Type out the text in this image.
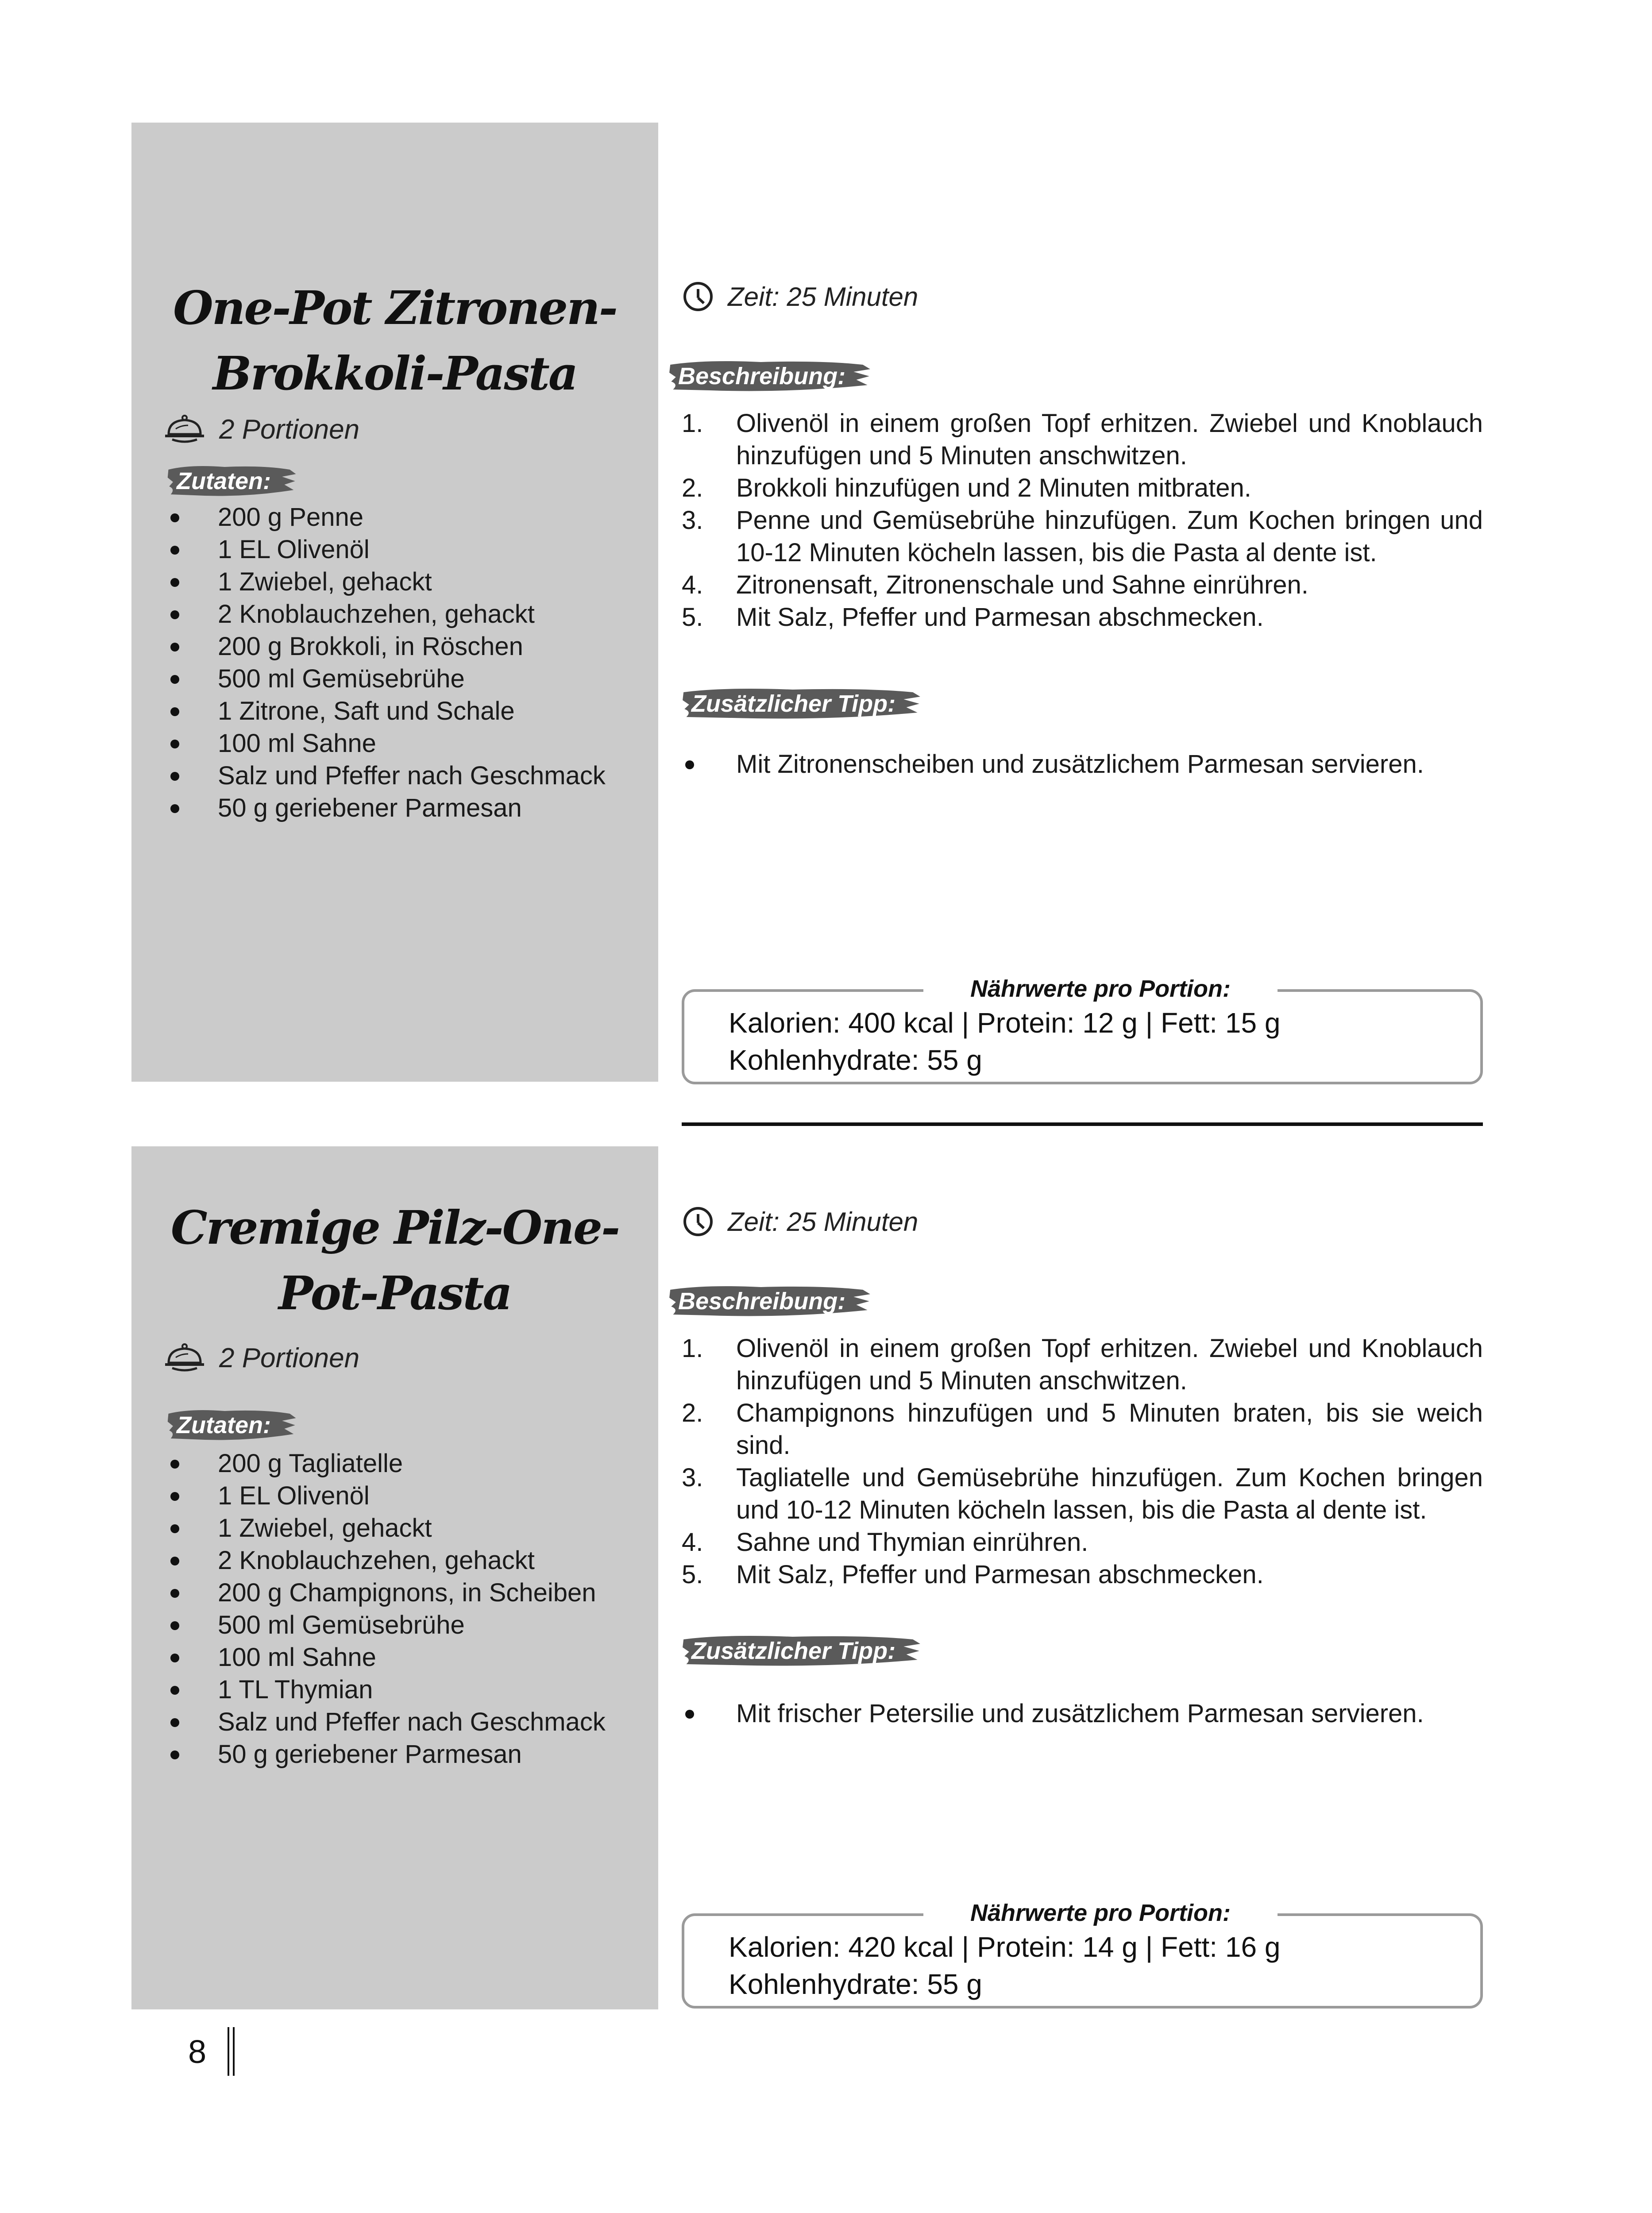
One-Pot Zitronen-
Brokkoli-Pasta
2 Portionen
Zutaten:
200 g Penne
1 EL Olivenöl
1 Zwiebel, gehackt
2 Knoblauchzehen, gehackt
200 g Brokkoli, in Röschen
500 ml Gemüsebrühe
1 Zitrone, Saft und Schale
100 ml Sahne
Salz und Pfeffer nach Geschmack
50 g geriebener Parmesan
Zeit: 25 Minuten
Beschreibung:
1. Olivenöl in einem großen Topf erhitzen. Zwiebel und Knoblauch hinzufügen und 5 Minuten anschwitzen.
2. Brokkoli hinzufügen und 2 Minuten mitbraten.
3. Penne und Gemüsebrühe hinzufügen. Zum Kochen bringen und 10-12 Minuten köcheln lassen, bis die Pasta al dente ist.
4. Zitronensaft, Zitronenschale und Sahne einrühren.
5. Mit Salz, Pfeffer und Parmesan abschmecken.
Zusätzlicher Tipp:
Mit Zitronenscheiben und zusätzlichem Parmesan servieren.
Nährwerte pro Portion:
Kalorien: 400 kcal | Protein: 12 g | Fett: 15 g
Kohlenhydrate: 55 g
Cremige Pilz-One-
Pot-Pasta
2 Portionen
Zutaten:
200 g Tagliatelle
1 EL Olivenöl
1 Zwiebel, gehackt
2 Knoblauchzehen, gehackt
200 g Champignons, in Scheiben
500 ml Gemüsebrühe
100 ml Sahne
1 TL Thymian
Salz und Pfeffer nach Geschmack
50 g geriebener Parmesan
Zeit: 25 Minuten
Beschreibung:
1. Olivenöl in einem großen Topf erhitzen. Zwiebel und Knoblauch hinzufügen und 5 Minuten anschwitzen.
2. Champignons hinzufügen und 5 Minuten braten, bis sie weich sind.
3. Tagliatelle und Gemüsebrühe hinzufügen. Zum Kochen bringen und 10-12 Minuten köcheln lassen, bis die Pasta al dente ist.
4. Sahne und Thymian einrühren.
5. Mit Salz, Pfeffer und Parmesan abschmecken.
Zusätzlicher Tipp:
Mit frischer Petersilie und zusätzlichem Parmesan servieren.
Nährwerte pro Portion:
Kalorien: 420 kcal | Protein: 14 g | Fett: 16 g
Kohlenhydrate: 55 g
8
